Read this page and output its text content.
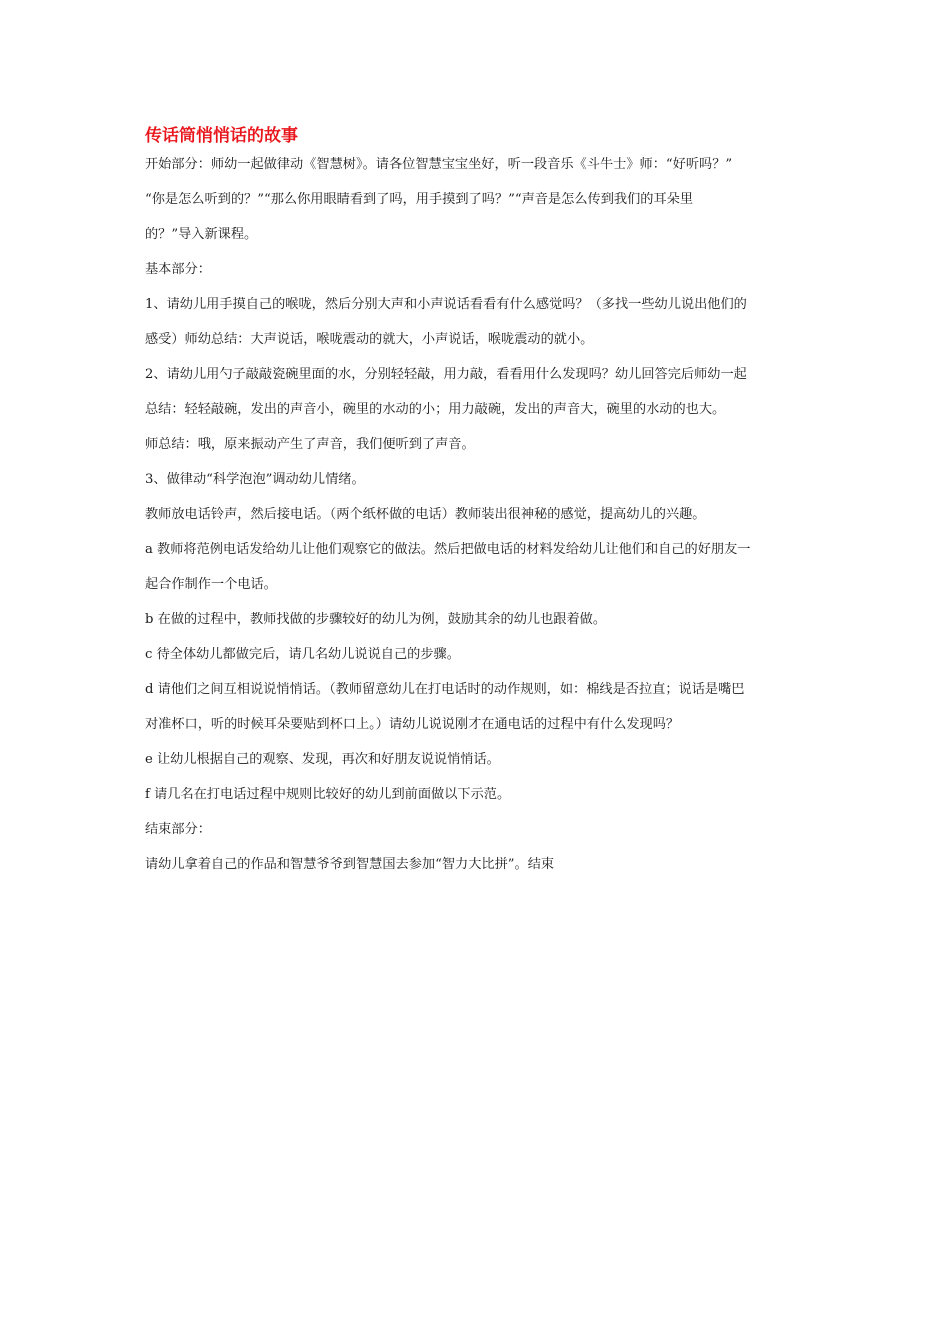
传话筒悄悄话的故事
开始部分：师幼一起做律动《智慧树》。请各位智慧宝宝坐好，听一段音乐《斗牛士》师：“好听吗？”
“你是怎么听到的？”“那么你用眼睛看到了吗，用手摸到了吗？”“声音是怎么传到我们的耳朵里
的？”导入新课程。
基本部分：
1、请幼儿用手摸自己的喉咙，然后分别大声和小声说话看看有什么感觉吗？（多找一些幼儿说出他们的
感受）师幼总结：大声说话，喉咙震动的就大，小声说话，喉咙震动的就小。
2、请幼儿用勺子敲敲瓷碗里面的水，分别轻轻敲，用力敲，看看用什么发现吗？幼儿回答完后师幼一起
总结：轻轻敲碗，发出的声音小，碗里的水动的小；用力敲碗，发出的声音大，碗里的水动的也大。
师总结：哦，原来振动产生了声音，我们便听到了声音。
3、做律动“科学泡泡”调动幼儿情绪。
教师放电话铃声，然后接电话。（两个纸杯做的电话）教师装出很神秘的感觉，提高幼儿的兴趣。
a 教师将范例电话发给幼儿让他们观察它的做法。然后把做电话的材料发给幼儿让他们和自己的好朋友一
起合作制作一个电话。
b 在做的过程中，教师找做的步骤较好的幼儿为例，鼓励其余的幼儿也跟着做。
c 待全体幼儿都做完后，请几名幼儿说说自己的步骤。
d 请他们之间互相说说悄悄话。（教师留意幼儿在打电话时的动作规则，如：棉线是否拉直；说话是嘴巴
对准杯口，听的时候耳朵要贴到杯口上。）请幼儿说说刚才在通电话的过程中有什么发现吗？
e 让幼儿根据自己的观察、发现，再次和好朋友说说悄悄话。
f 请几名在打电话过程中规则比较好的幼儿到前面做以下示范。
结束部分：
请幼儿拿着自己的作品和智慧爷爷到智慧国去参加“智力大比拼”。结束
